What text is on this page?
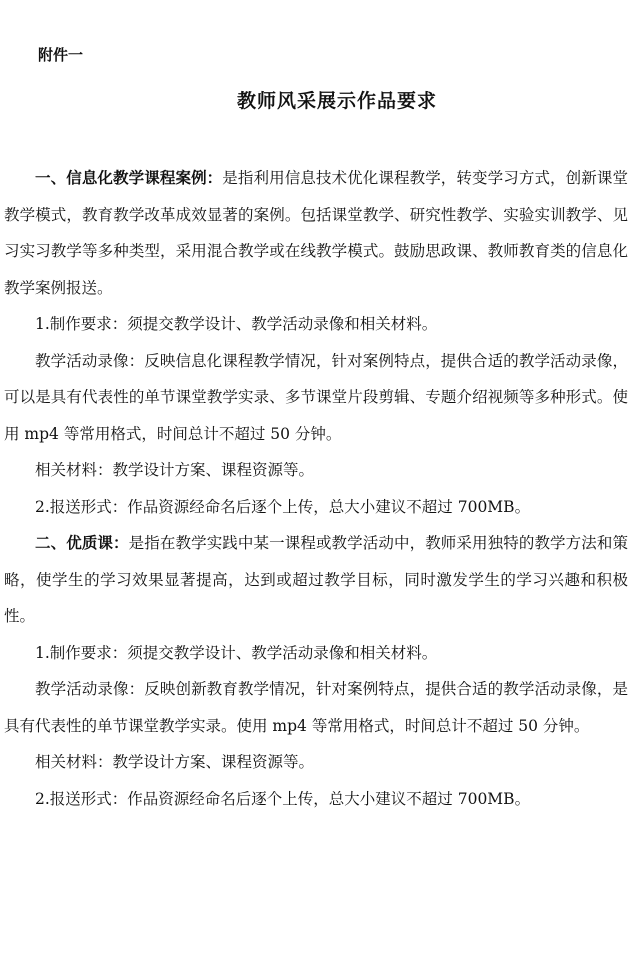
附件一
教师风采展示作品要求

一、信息化教学课程案例：是指利用信息技术优化课程教学，转变学习方式，创新课堂教学模式，教育教学改革成效显著的案例。包括课堂教学、研究性教学、实验实训教学、见习实习教学等多种类型，采用混合教学或在线教学模式。鼓励思政课、教师教育类的信息化教学案例报送。

1.制作要求：须提交教学设计、教学活动录像和相关材料。

教学活动录像：反映信息化课程教学情况，针对案例特点，提供合适的教学活动录像，可以是具有代表性的单节课堂教学实录、多节课堂片段剪辑、专题介绍视频等多种形式。使用 mp4 等常用格式，时间总计不超过 50 分钟。

相关材料：教学设计方案、课程资源等。

2.报送形式：作品资源经命名后逐个上传，总大小建议不超过 700MB。

二、优质课：是指在教学实践中某一课程或教学活动中，教师采用独特的教学方法和策略，使学生的学习效果显著提高，达到或超过教学目标，同时激发学生的学习兴趣和积极性。

1.制作要求：须提交教学设计、教学活动录像和相关材料。

教学活动录像：反映创新教育教学情况，针对案例特点，提供合适的教学活动录像，是具有代表性的单节课堂教学实录。使用 mp4 等常用格式，时间总计不超过 50 分钟。

相关材料：教学设计方案、课程资源等。

2.报送形式：作品资源经命名后逐个上传，总大小建议不超过 700MB。
